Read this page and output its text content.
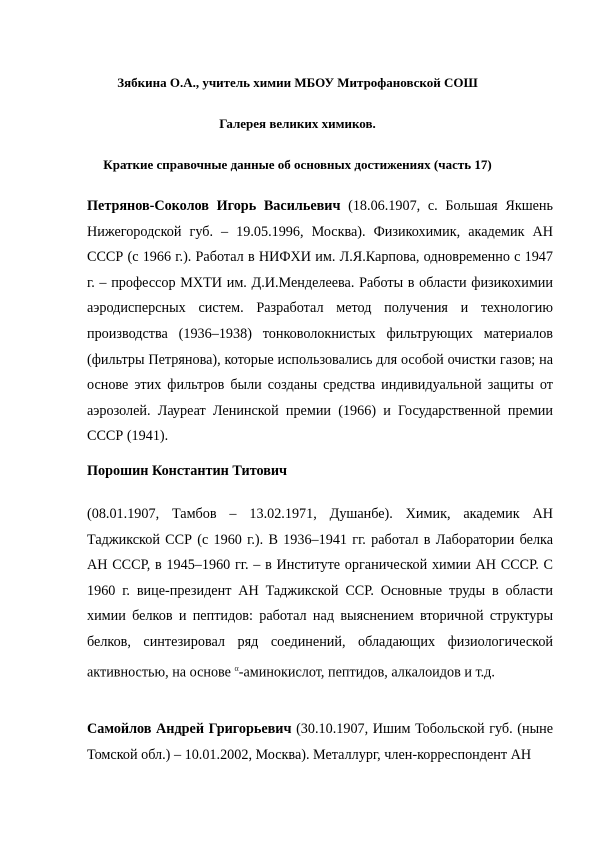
Зябкина О.А., учитель химии МБОУ Митрофановской СОШ
Галерея великих химиков.
Краткие справочные данные об основных достижениях (часть 17)
Петрянов-Соколов Игорь Васильевич (18.06.1907, с. Большая Якшень Нижегородской губ. – 19.05.1996, Москва). Физикохимик, академик АН СССР (с 1966 г.). Работал в НИФХИ им. Л.Я.Карпова, одновременно с 1947 г. – профессор МХТИ им. Д.И.Менделеева. Работы в области физикохимии аэродисперсных систем. Разработал метод получения и технологию производства (1936–1938) тонковолокнистых фильтрующих материалов (фильтры Петрянова), которые использовались для особой очистки газов; на основе этих фильтров были созданы средства индивидуальной защиты от аэрозолей. Лауреат Ленинской премии (1966) и Государственной премии СССР (1941).
Порошин Константин Титович
(08.01.1907, Тамбов – 13.02.1971, Душанбе). Химик, академик АН Таджикской ССР (с 1960 г.). В 1936–1941 гг. работал в Лаборатории белка АН СССР, в 1945–1960 гг. – в Институте органической химии АН СССР. С 1960 г. вице-президент АН Таджикской ССР. Основные труды в области химии белков и пептидов: работал над выяснением вторичной структуры белков, синтезировал ряд соединений, обладающих физиологической активностью, на основе $^\alpha$-аминокислот, пептидов, алкалоидов и т.д.
Самойлов Андрей Григорьевич (30.10.1907, Ишим Тобольской губ. (ныне Томской обл.) – 10.01.2002, Москва). Металлург, член-корреспондент АН
